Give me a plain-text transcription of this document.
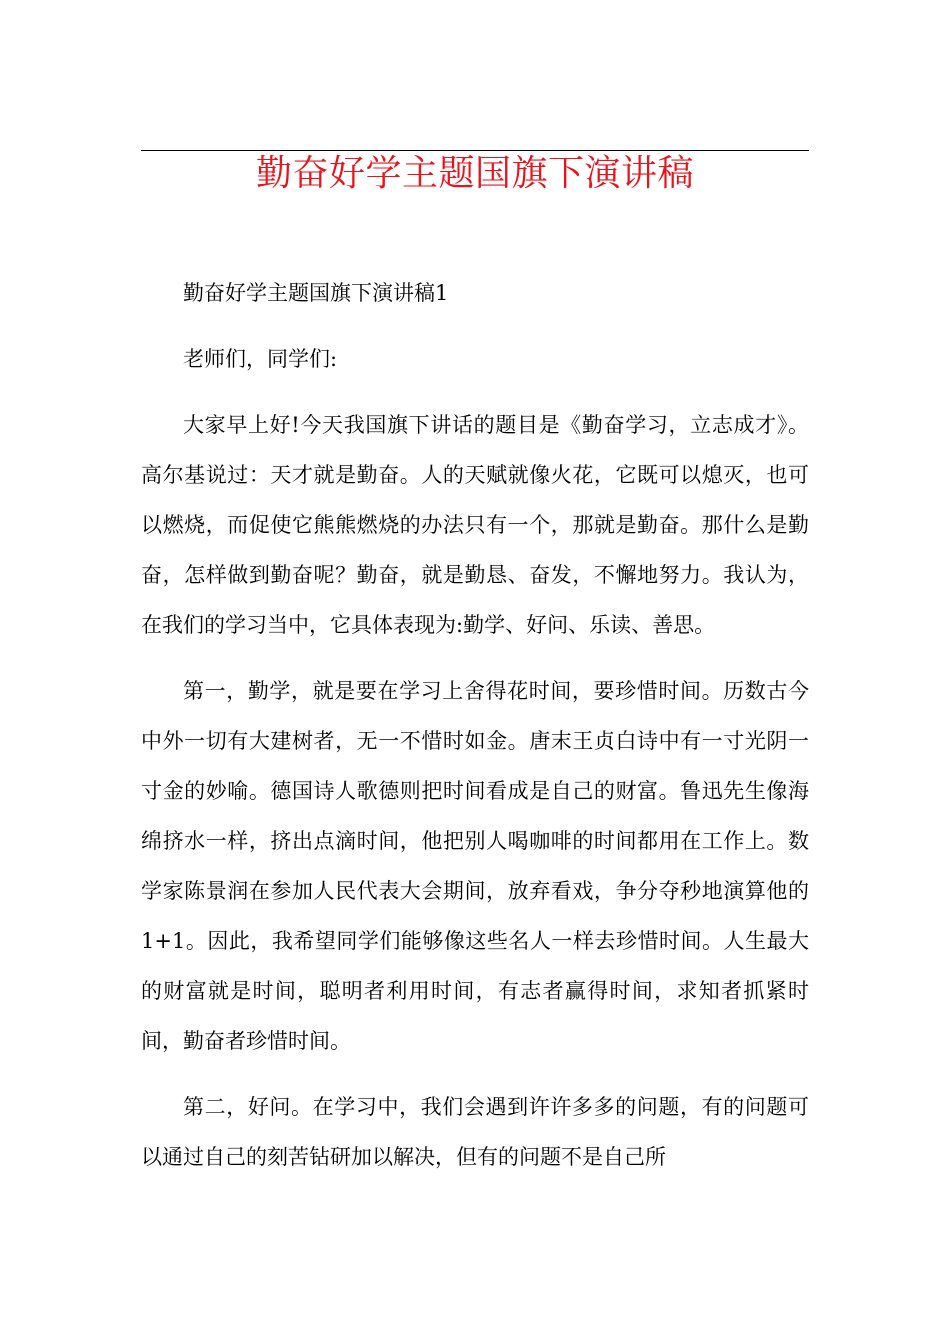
勤奋好学主题国旗下演讲稿

勤奋好学主题国旗下演讲稿1

老师们，同学们:

大家早上好!今天我国旗下讲话的题目是《勤奋学习，立志成才》。高尔基说过：天才就是勤奋。人的天赋就像火花，它既可以熄灭，也可以燃烧，而促使它熊熊燃烧的办法只有一个，那就是勤奋。那什么是勤奋，怎样做到勤奋呢？勤奋，就是勤恳、奋发，不懈地努力。我认为，在我们的学习当中，它具体表现为:勤学、好问、乐读、善思。

第一，勤学，就是要在学习上舍得花时间，要珍惜时间。历数古今中外一切有大建树者，无一不惜时如金。唐末王贞白诗中有一寸光阴一寸金的妙喻。德国诗人歌德则把时间看成是自己的财富。鲁迅先生像海绵挤水一样，挤出点滴时间，他把别人喝咖啡的时间都用在工作上。数学家陈景润在参加人民代表大会期间，放弃看戏，争分夺秒地演算他的1+1。因此，我希望同学们能够像这些名人一样去珍惜时间。人生最大的财富就是时间，聪明者利用时间，有志者赢得时间，求知者抓紧时间，勤奋者珍惜时间。

第二，好问。在学习中，我们会遇到许许多多的问题，有的问题可以通过自己的刻苦钻研加以解决，但有的问题不是自己所
